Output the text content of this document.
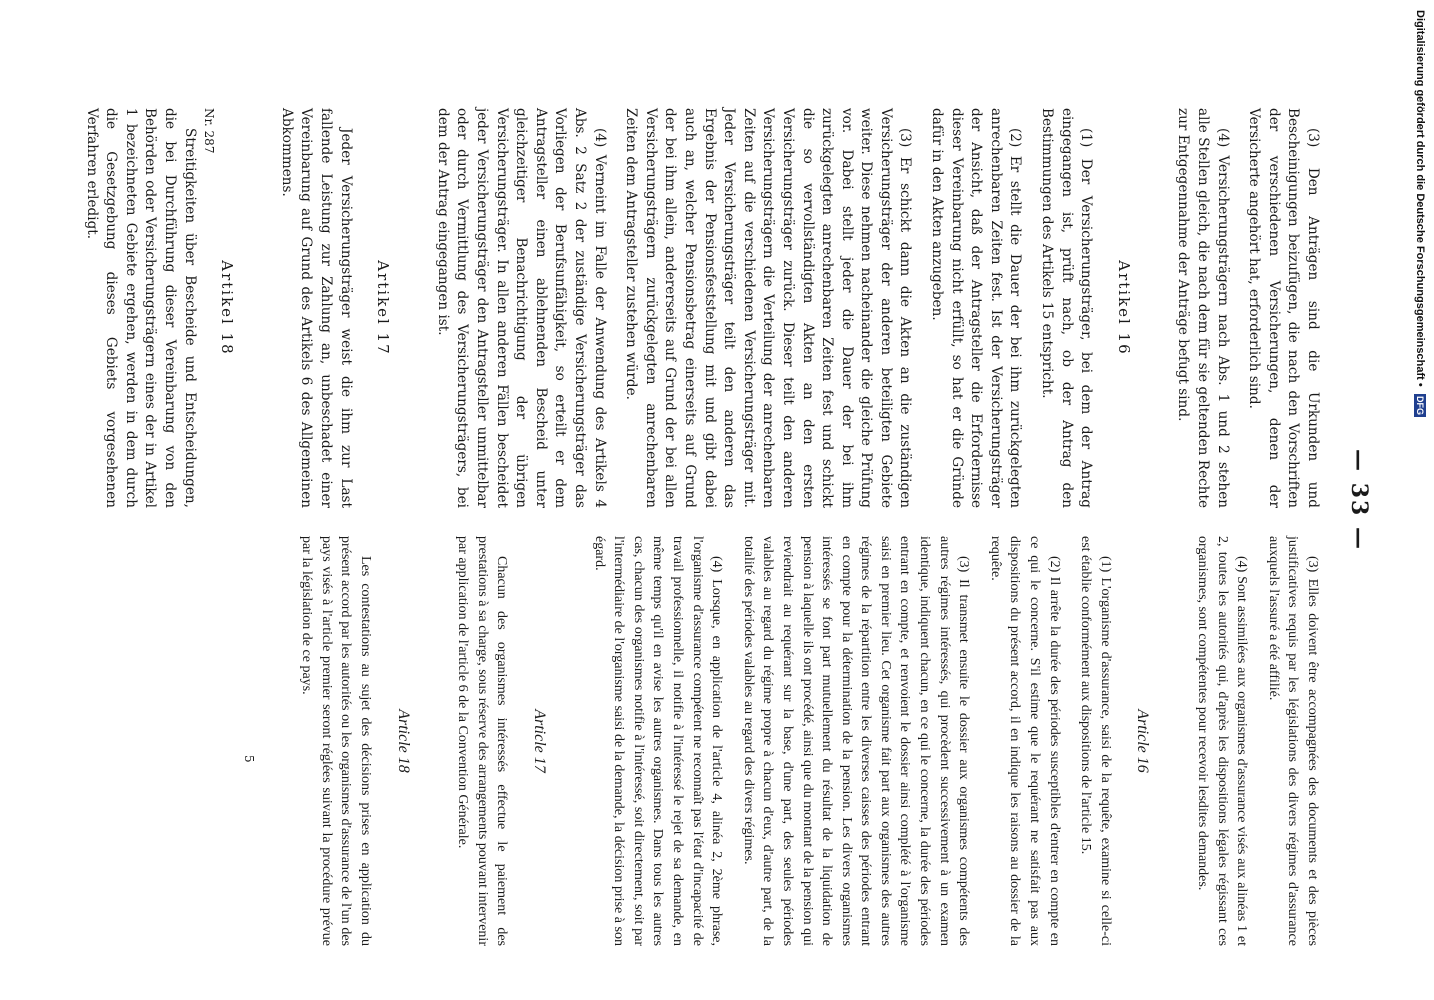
— 33 —

(3) Den Anträgen sind die Urkunden und Bescheinigungen beizufügen, die nach den Vorschriften der verschiedenen Versicherungen, denen der Versicherte angehört hat, erforderlich sind.

(4) Versicherungsträgern nach Abs. 1 und 2 stehen alle Stellen gleich, die nach dem für sie geltenden Rechte zur Entgegennahme der Anträge befugt sind.

Artikel 16

(1) Der Versicherungsträger, bei dem der Antrag eingegangen ist, prüft nach, ob der Antrag den Bestimmungen des Artikels 15 entspricht.

(2) Er stellt die Dauer der bei ihm zurückgelegten anrechenbaren Zeiten fest. Ist der Versicherungsträger der Ansicht, daß der Antragsteller die Erfordernisse dieser Vereinbarung nicht erfüllt, so hat er die Gründe dafür in den Akten anzugeben.

(3) Er schickt dann die Akten an die zuständigen Versicherungsträger der anderen beteiligten Gebiete weiter. Diese nehmen nacheinander die gleiche Prüfung vor. Dabei stellt jeder die Dauer der bei ihm zurückgelegten anrechenbaren Zeiten fest und schickt die so vervollständigten Akten an den ersten Versicherungsträger zurück. Dieser teilt den anderen Versicherungsträgern die Verteilung der anrechenbaren Zeiten auf die verschiedenen Versicherungsträger mit. Jeder Versicherungsträger teilt den anderen das Ergebnis der Pensionsfeststellung mit und gibt dabei auch an, welcher Pensionsbetrag einerseits auf Grund der bei ihm allein, andererseits auf Grund der bei allen Versicherungsträgern zurückgelegten anrechenbaren Zeiten dem Antragsteller zustehen würde.

(4) Verneint im Falle der Anwendung des Artikels 4 Abs. 2 Satz 2 der zuständige Versicherungsträger das Vorliegen der Berufsunfähigkeit, so erteilt er dem Antragsteller einen ablehnenden Bescheid unter gleichzeitiger Benachrichtigung der übrigen Versicherungsträger. In allen anderen Fällen bescheidet jeder Versicherungsträger den Antragsteller unmittelbar oder durch Vermittlung des Versicherungsträgers, bei dem der Antrag eingegangen ist.

Artikel 17

Jeder Versicherungsträger weist die ihm zur Last fallende Leistung zur Zahlung an, unbeschadet einer Vereinbarung auf Grund des Artikels 6 des Allgemeinen Abkommens.

Artikel 18

Streitigkeiten über Bescheide und Entscheidungen, die bei Durchführung dieser Vereinbarung von den Behörden oder Versicherungsträgern eines der in Artikel 1 bezeichneten Gebiete ergehen, werden in dem durch die Gesetzgebung dieses Gebiets vorgesehenen Verfahren erledigt.

(3) Elles doivent être accompagnées des documents et des pièces justificatives requis par les législations des divers régimes d'assurance auxquels l'assuré a été affilié.

(4) Sont assimilées aux organismes d'assurance visés aux alinéas 1 et 2, toutes les autorités qui, d'après les dispositions légales régissant ces organismes, sont compétentes pour recevoir lesdites demandes.

Article 16

(1) L'organisme d'assurance, saisi de la requête, examine si celle-ci est établie conformément aux dispositions de l'article 15.

(2) Il arrête la durée des périodes susceptibles d'entrer en compte en ce qui le concerne. S'il estime que le requérant ne satisfait pas aux dispositions du présent accord, il en indique les raisons au dossier de la requête.

(3) Il transmet ensuite le dossier aux organismes compétents des autres régimes intéressés, qui procèdent successivement à un examen identique, indiquent chacun, en ce qui le concerne, la durée des périodes entrant en compte, et renvoient le dossier ainsi complété à l'organisme saisi en premier lieu. Cet organisme fait part aux organismes des autres régimes de la répartition entre les diverses caisses des périodes entrant en compte pour la détermination de la pension. Les divers organismes intéressés se font part mutuellement du résultat de la liquidation de pension à laquelle ils ont procédé, ainsi que du montant de la pension qui reviendrait au requérant sur la base, d'une part, des seules périodes valables au regard du régime propre à chacun d'eux, d'autre part, de la totalité des périodes valables au regard des divers régimes.

(4) Lorsque, en application de l'article 4, alinéa 2, 2ème phrase, l'organisme d'assurance compétent ne reconnaît pas l'état d'incapacité de travail professionnelle, il notifie à l'intéressé le rejet de sa demande, en même temps qu'il en avise les autres organismes. Dans tous les autres cas, chacun des organismes notifie à l'intéressé, soit directement, soit par l'intermédiaire de l'organisme saisi de la demande, la décision prise à son égard.

Article 17

Chacun des organismes intéressés effectue le paiement des prestations à sa charge, sous réserve des arrangements pouvant intervenir par application de l'article 6 de la Convention Générale.

Article 18

Les contestations au sujet des décisions prises en application du présent accord par les autorités ou les organismes d'assurance de l'un des pays visés à l'article premier seront réglées suivant la procédure prévue par la législation de ce pays.

Nr. 287
5
Digitalisierung gefördert durch die Deutsche Forschungsgemeinschaft • DFG
